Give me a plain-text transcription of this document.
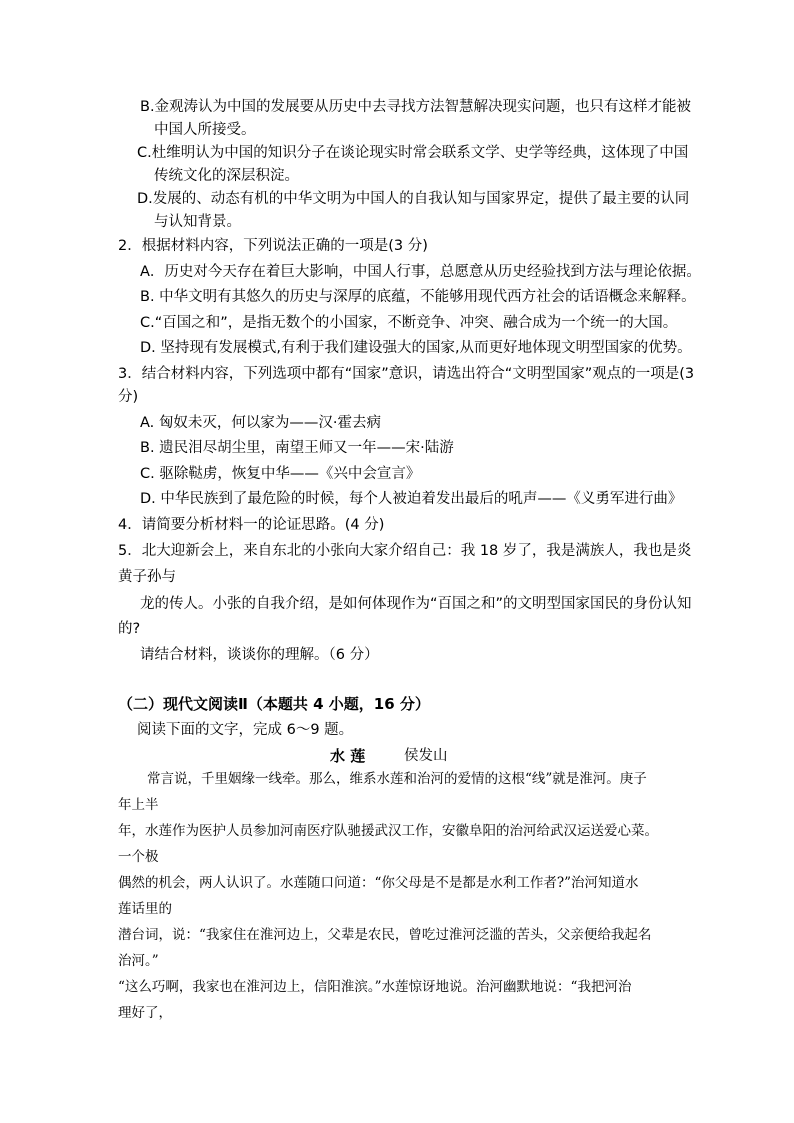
B.金观涛认为中国的发展要从历史中去寻找方法智慧解决现实问题，也只有这样才能被
中国人所接受。
C.杜维明认为中国的知识分子在谈论现实时常会联系文学、史学等经典，这体现了中国
传统文化的深层积淀。
D.发展的、动态有机的中华文明为中国人的自我认知与国家界定，提供了最主要的认同
与认知背景。
2．根据材料内容，下列说法正确的一项是(3 分)
A．历史对今天存在着巨大影响，中国人行事，总愿意从历史经验找到方法与理论依据。
B. 中华文明有其悠久的历史与深厚的底蕴，不能够用现代西方社会的话语概念来解释。
C.“百国之和”，是指无数个的小国家，不断竞争、冲突、融合成为一个统一的大国。
D. 坚持现有发展模式,有利于我们建设强大的国家,从而更好地体现文明型国家的优势。
3．结合材料内容，下列选项中都有“国家”意识，请选出符合“文明型国家”观点的一项是(3
分)
A. 匈奴未灭，何以家为——汉·霍去病
B. 遗民泪尽胡尘里，南望王师又一年——宋·陆游
C. 驱除鞑虏，恢复中华——《兴中会宣言》
D. 中华民族到了最危险的时候，每个人被迫着发出最后的吼声——《义勇军进行曲》
4．请简要分析材料一的论证思路。(4 分)
5．北大迎新会上，来自东北的小张向大家介绍自己：我 18 岁了，我是满族人，我也是炎
黄子孙与
龙的传人。小张的自我介绍，是如何体现作为“百国之和”的文明型国家国民的身份认知
的?
请结合材料，谈谈你的理解。（6 分）
（二）现代文阅读Ⅱ（本题共 4 小题，16 分）
阅读下面的文字，完成 6～9 题。
水 莲	侯发山
常言说，千里姻缘一线牵。那么，维系水莲和治河的爱情的这根“线”就是淮河。庚子
年上半
年，水莲作为医护人员参加河南医疗队驰援武汉工作，安徽阜阳的治河给武汉运送爱心菜。
一个极
偶然的机会，两人认识了。水莲随口问道：“你父母是不是都是水利工作者?”治河知道水
莲话里的
潜台词，说：“我家住在淮河边上，父辈是农民，曾吃过淮河泛滥的苦头，父亲便给我起名
治河。”
“这么巧啊，我家也在淮河边上，信阳淮滨。”水莲惊讶地说。治河幽默地说：“我把河治
理好了，
